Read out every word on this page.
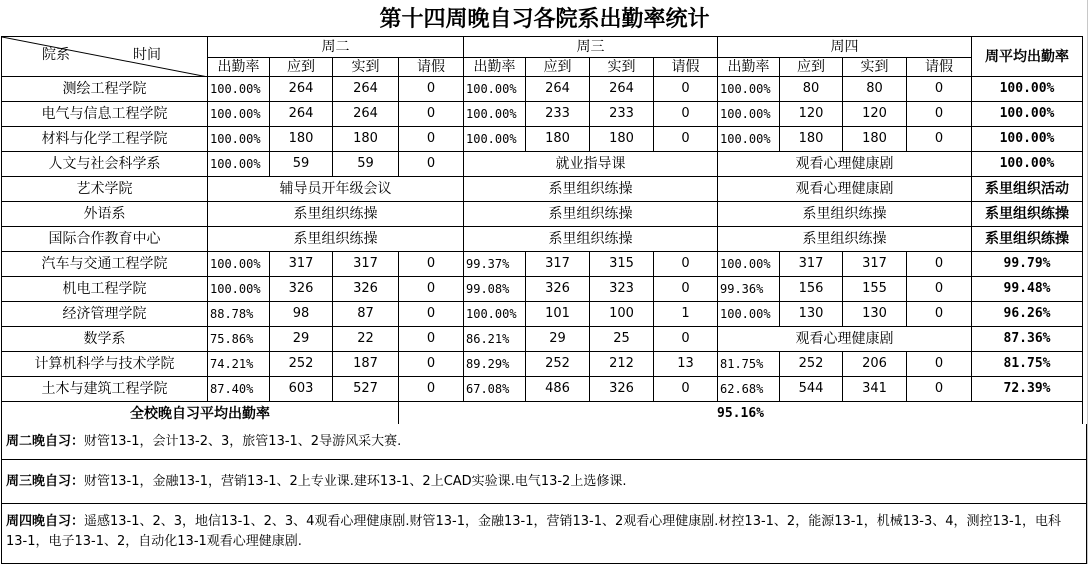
第十四周晚自习各院系出勤率统计
院系 时间	周二				周三				周四				周平均出勤率
	出勤率	应到	实到	请假	出勤率	应到	实到	请假	出勤率	应到	实到	请假	
测绘工程学院	100.00%	264	264	0	100.00%	264	264	0	100.00%	80	80	0	100.00%
电气与信息工程学院	100.00%	264	264	0	100.00%	233	233	0	100.00%	120	120	0	100.00%
材料与化学工程学院	100.00%	180	180	0	100.00%	180	180	0	100.00%	180	180	0	100.00%
人文与社会科学系	100.00%	59	59	0	就业指导课				观看心理健康剧				100.00%
艺术学院	辅导员开年级会议				系里组织练操				观看心理健康剧				系里组织活动
外语系	系里组织练操				系里组织练操				系里组织练操				系里组织练操
国际合作教育中心	系里组织练操				系里组织练操				系里组织练操				系里组织练操
汽车与交通工程学院	100.00%	317	317	0	99.37%	317	315	0	100.00%	317	317	0	99.79%
机电工程学院	100.00%	326	326	0	99.08%	326	323	0	99.36%	156	155	0	99.48%
经济管理学院	88.78%	98	87	0	100.00%	101	100	1	100.00%	130	130	0	96.26%
数学系	75.86%	29	22	0	86.21%	29	25	0	观看心理健康剧				87.36%
计算机科学与技术学院	74.21%	252	187	0	89.29%	252	212	13	81.75%	252	206	0	81.75%
土木与建筑工程学院	87.40%	603	527	0	67.08%	486	326	0	62.68%	544	341	0	72.39%
全校晚自习平均出勤率				95.16%									
周二晚自习：财管13-1，会计13-2、3，旅管13-1、2导游风采大赛.
周三晚自习：财管13-1，金融13-1，营销13-1、2上专业课.建环13-1、2上CAD实验课.电气13-2上选修课.
周四晚自习：遥感13-1、2、3，地信13-1、2、3、4观看心理健康剧.财管13-1，金融13-1，营销13-1、2观看心理健康剧.材控13-1、2，能源13-1，机械13-3、4，测控13-1，电科13-1，电子13-1、2，自动化13-1观看心理健康剧.
